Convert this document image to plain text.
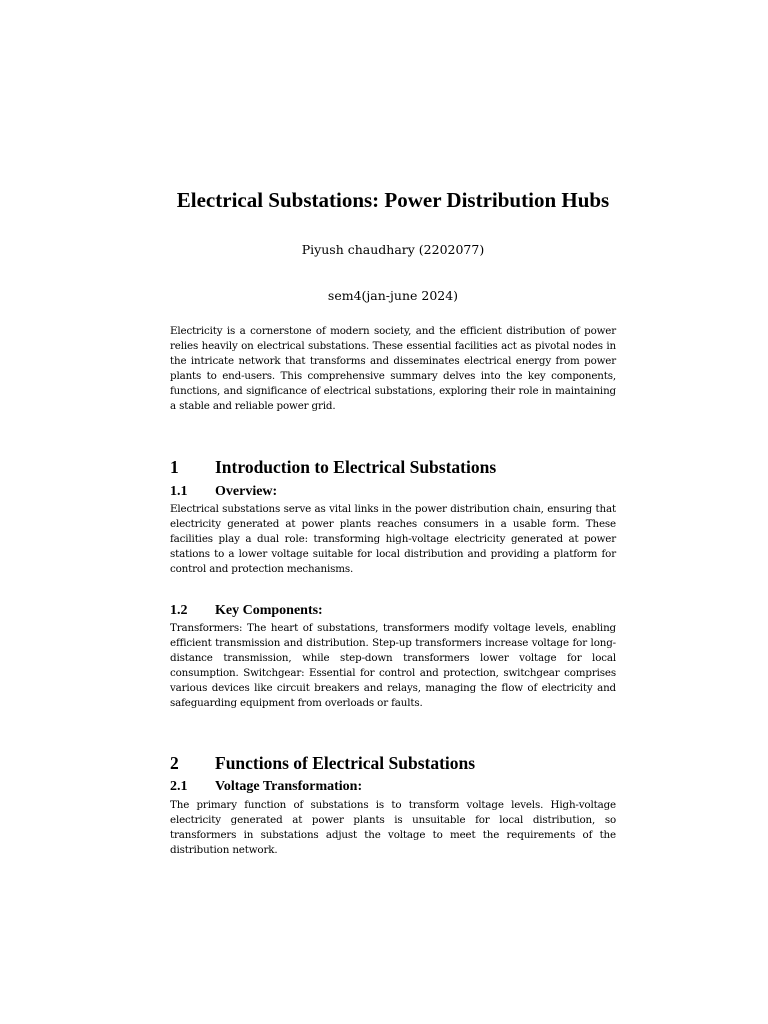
Electrical Substations: Power Distribution Hubs
Piyush chaudhary (2202077)
sem4(jan-june 2024)

Electricity is a cornerstone of modern society, and the efficient distribution of power relies heavily on electrical substations. These essential facilities act as pivotal nodes in the intricate network that transforms and disseminates electrical energy from power plants to end-users. This comprehensive summary delves into the key components, functions, and significance of electrical substations, exploring their role in maintaining a stable and reliable power grid.

1 Introduction to Electrical Substations
1.1 Overview:

Electrical substations serve as vital links in the power distribution chain, ensuring that electricity generated at power plants reaches consumers in a usable form. These facilities play a dual role: transforming high-voltage electricity generated at power stations to a lower voltage suitable for local distribution and providing a platform for control and protection mechanisms.

1.2 Key Components:

Transformers: The heart of substations, transformers modify voltage levels, enabling efficient transmission and distribution. Step-up transformers increase voltage for long-distance transmission, while step-down transformers lower voltage for local consumption. Switchgear: Essential for control and protection, switchgear comprises various devices like circuit breakers and relays, managing the flow of electricity and safeguarding equipment from overloads or faults.

2 Functions of Electrical Substations
2.1 Voltage Transformation:

The primary function of substations is to transform voltage levels. High-voltage electricity generated at power plants is unsuitable for local distribution, so transformers in substations adjust the voltage to meet the requirements of the distribution network.
